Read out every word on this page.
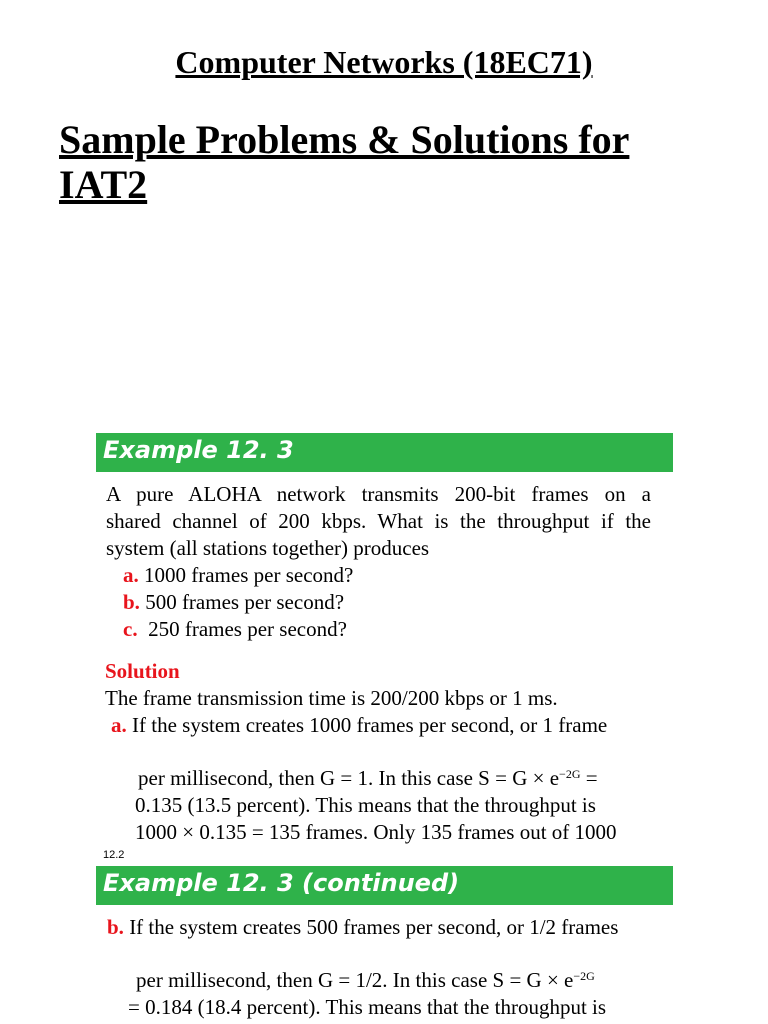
Computer Networks (18EC71)
Sample Problems & Solutions for IAT2
Example 12. 3
A pure ALOHA network transmits 200-bit frames on a
shared channel of 200 kbps. What is the throughput if the
system (all stations together) produces
a. 1000 frames per second?
b. 500 frames per second?
c.  250 frames per second?
Solution
The frame transmission time is 200/200 kbps or 1 ms.
a. If the system creates 1000 frames per second, or 1 frame
per millisecond, then G = 1. In this case $S = G \times e^{-2G}$ =
0.135 (13.5 percent). This means that the throughput is
1000 × 0.135 = 135 frames. Only 135 frames out of 1000
12.2
Example 12. 3 (continued)
b. If the system creates 500 frames per second, or 1/2 frames
per millisecond, then G = 1/2. In this case $S = G \times e^{-2G}$
= 0.184 (18.4 percent). This means that the throughput is
